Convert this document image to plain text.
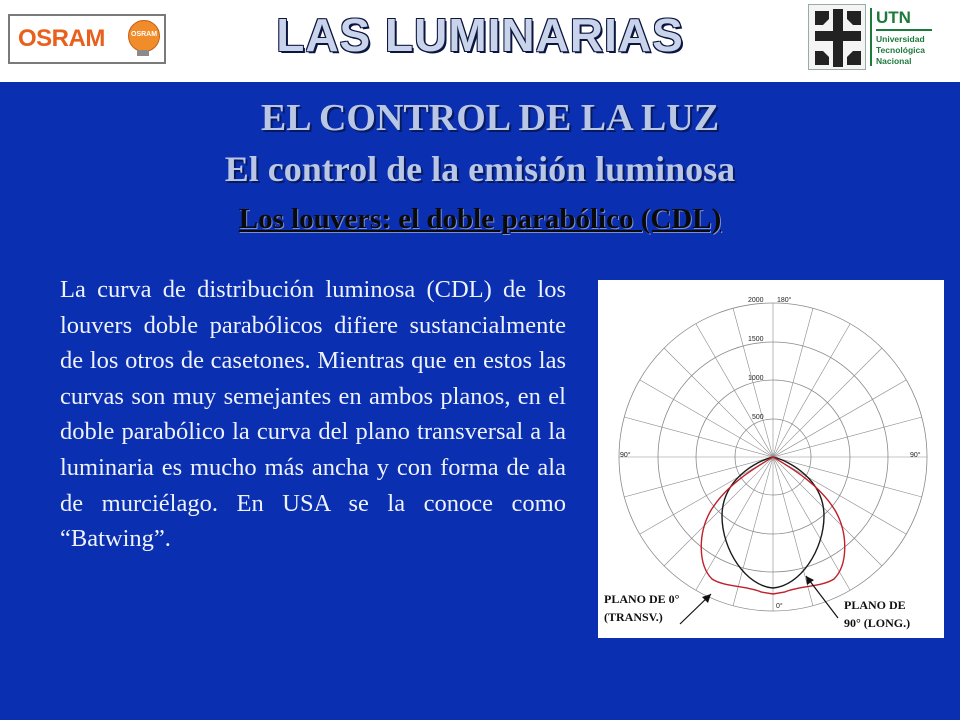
OSRAM	OSRAM	LAS LUMINARIAS	UTN
Universidad
Tecnológica
Nacional
EL CONTROL DE LA LUZ
El control de la emisión luminosa
Los louvers: el doble parabólico (CDL)
La curva de distribución luminosa (CDL) de los louvers doble parabólicos difiere sustancialmente de los otros de casetones. Mientras que en estos las curvas son muy semejantes en ambos planos, en el doble parabólico la curva del plano transversal a la luminaria es mucho más ancha y con forma de ala de murciélago. En USA se la conoce como “Batwing”.
2000
1500
1000
500
180°
90°	90°
0°
PLANO DE 0°
(TRANSV.)
PLANO DE
90° (LONG.)
